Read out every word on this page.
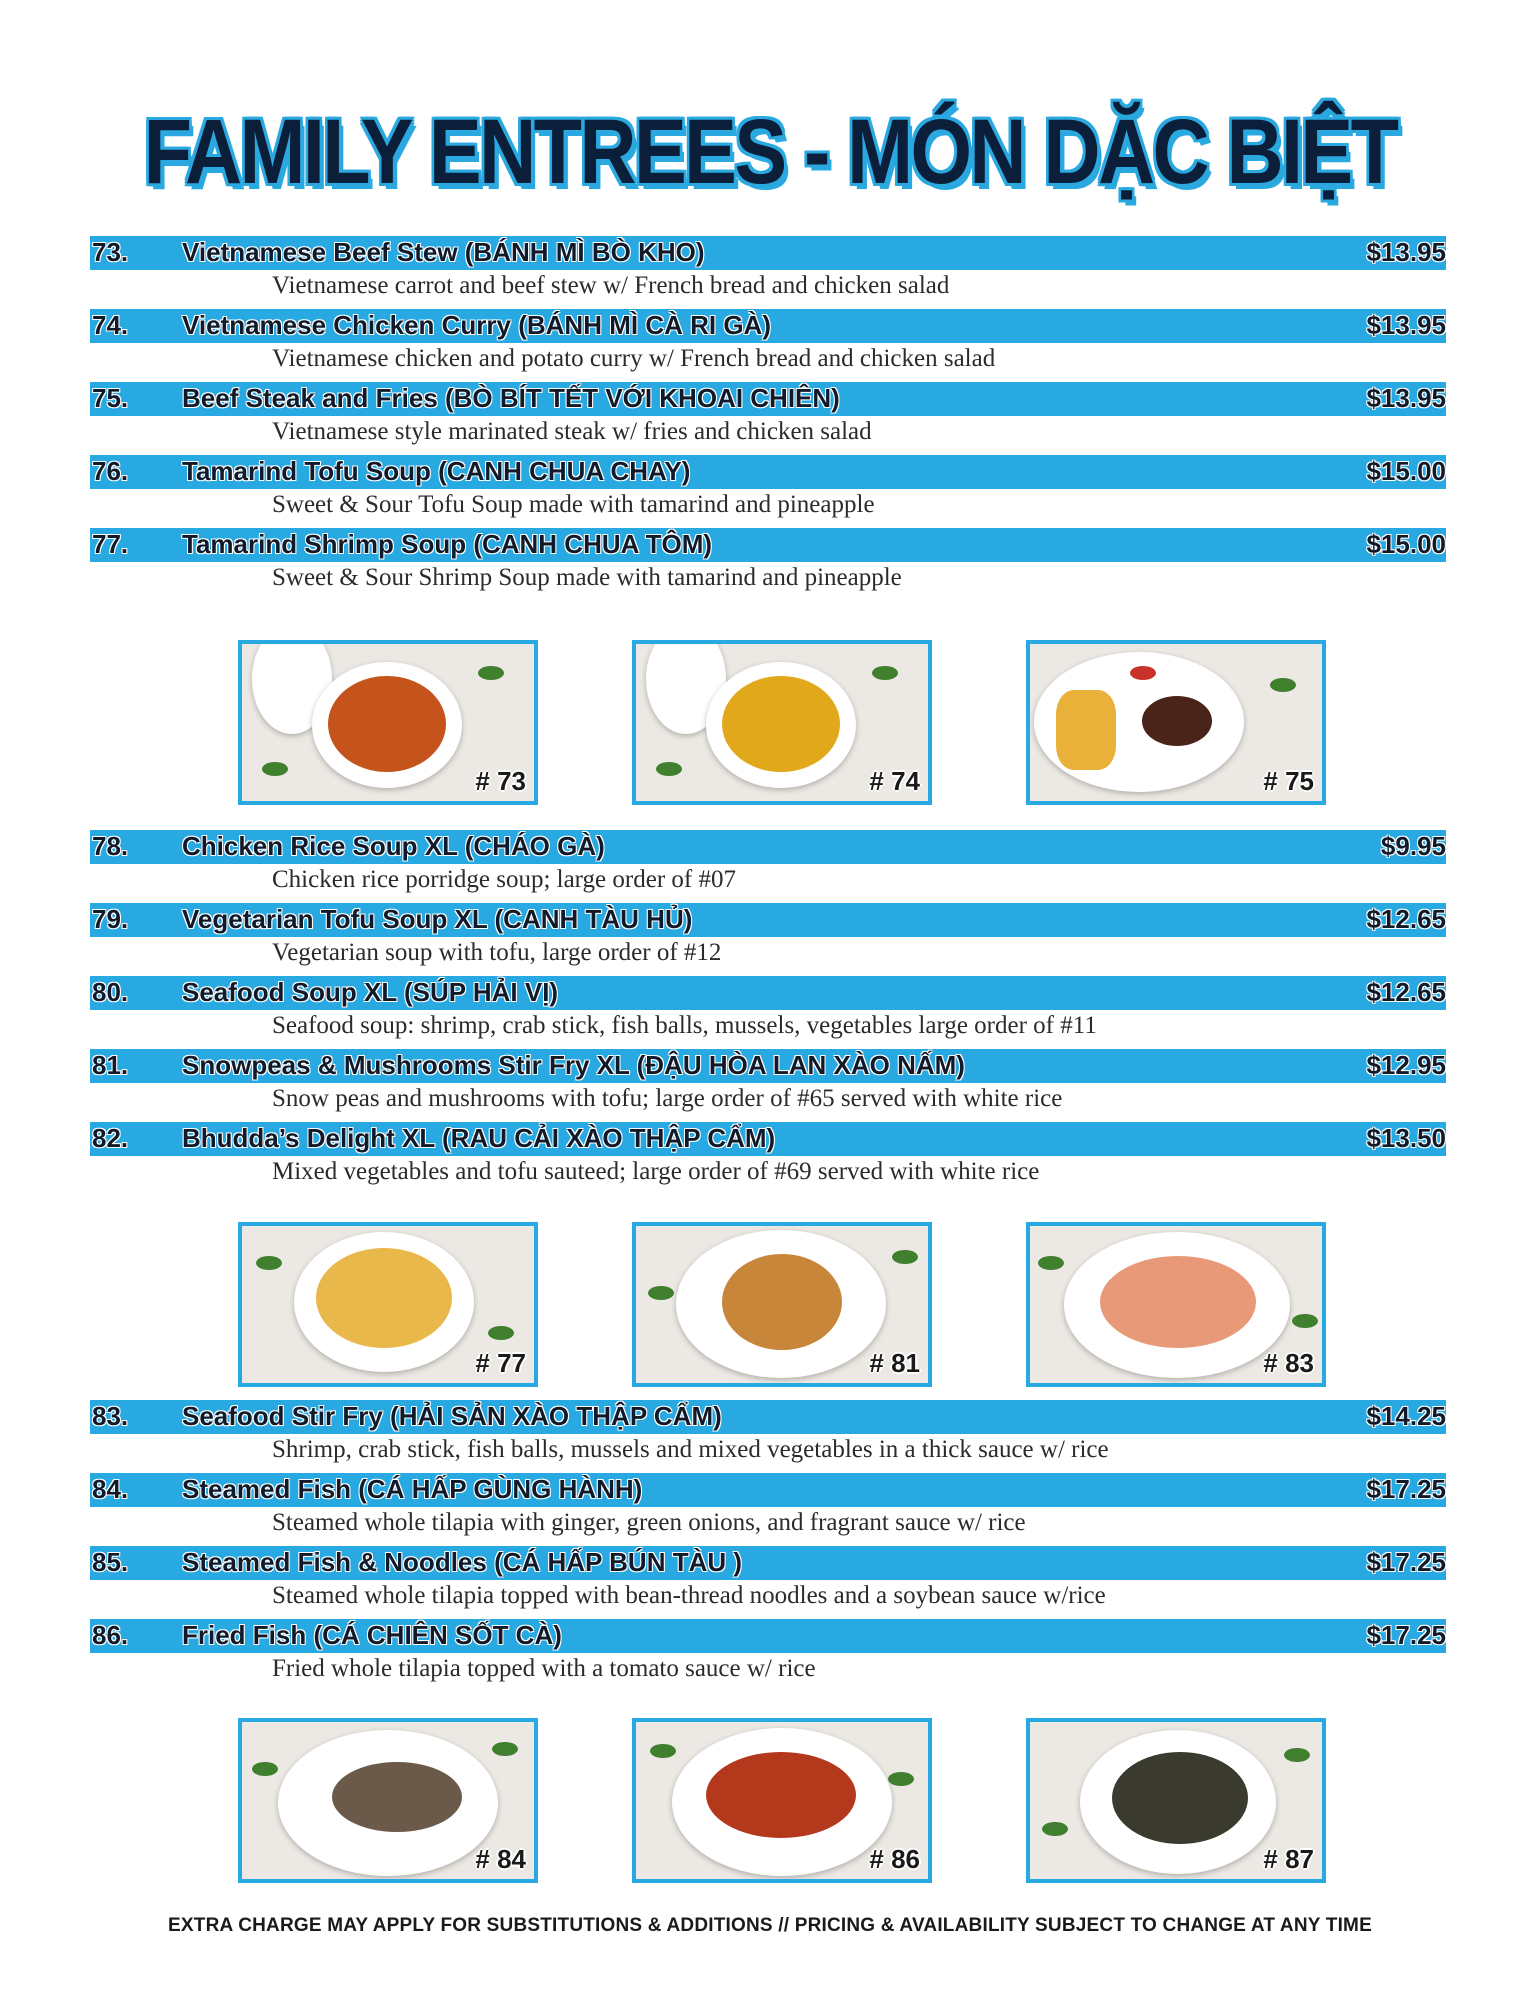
FAMILY ENTREES - MÓN DẶC BIỆT
73. Vietnamese Beef Stew (BÁNH MÌ BÒ KHO)	$13.95
Vietnamese carrot and beef stew w/ French bread and chicken salad
74. Vietnamese Chicken Curry (BÁNH MÌ CÀ RI GÀ)	$13.95
Vietnamese chicken and potato curry w/ French bread and chicken salad
75. Beef Steak and Fries (BÒ BÍT TẾT VỚI KHOAI CHIÊN)	$13.95
Vietnamese style marinated steak w/ fries and chicken salad
76. Tamarind Tofu Soup (CANH CHUA CHAY)	$15.00
Sweet & Sour Tofu Soup made with tamarind and pineapple
77. Tamarind Shrimp Soup (CANH CHUA TÔM)	$15.00
Sweet & Sour Shrimp Soup made with tamarind and pineapple
# 73	# 74	# 75
78. Chicken Rice Soup XL (CHÁO GÀ)	$9.95
Chicken rice porridge soup; large order of #07
79. Vegetarian Tofu Soup XL (CANH TÀU HỦ)	$12.65
Vegetarian soup with tofu, large order of #12
80. Seafood Soup XL (SÚP HẢI VỊ)	$12.65
Seafood soup: shrimp, crab stick, fish balls, mussels, vegetables large order of #11
81. Snowpeas & Mushrooms Stir Fry XL (ĐẬU HÒA LAN XÀO NẤM)	$12.95
Snow peas and mushrooms with tofu; large order of #65 served with white rice
82. Bhudda’s Delight XL (RAU CẢI XÀO THẬP CẨM)	$13.50
Mixed vegetables and tofu sauteed; large order of #69 served with white rice
# 77	# 81	# 83
83. Seafood Stir Fry (HẢI SẢN XÀO THẬP CẨM)	$14.25
Shrimp, crab stick, fish balls, mussels and mixed vegetables in a thick sauce w/ rice
84. Steamed Fish (CÁ HẤP GÙNG HÀNH)	$17.25
Steamed whole tilapia with ginger, green onions, and fragrant sauce w/ rice
85. Steamed Fish & Noodles (CÁ HẤP BÚN TÀU )	$17.25
Steamed whole tilapia topped with bean-thread noodles and a soybean sauce w/rice
86. Fried Fish (CÁ CHIÊN SỐT CÀ)	$17.25
Fried whole tilapia topped with a tomato sauce w/ rice
# 84	# 86	# 87
EXTRA CHARGE MAY APPLY FOR SUBSTITUTIONS & ADDITIONS // PRICING & AVAILABILITY SUBJECT TO CHANGE AT ANY TIME
